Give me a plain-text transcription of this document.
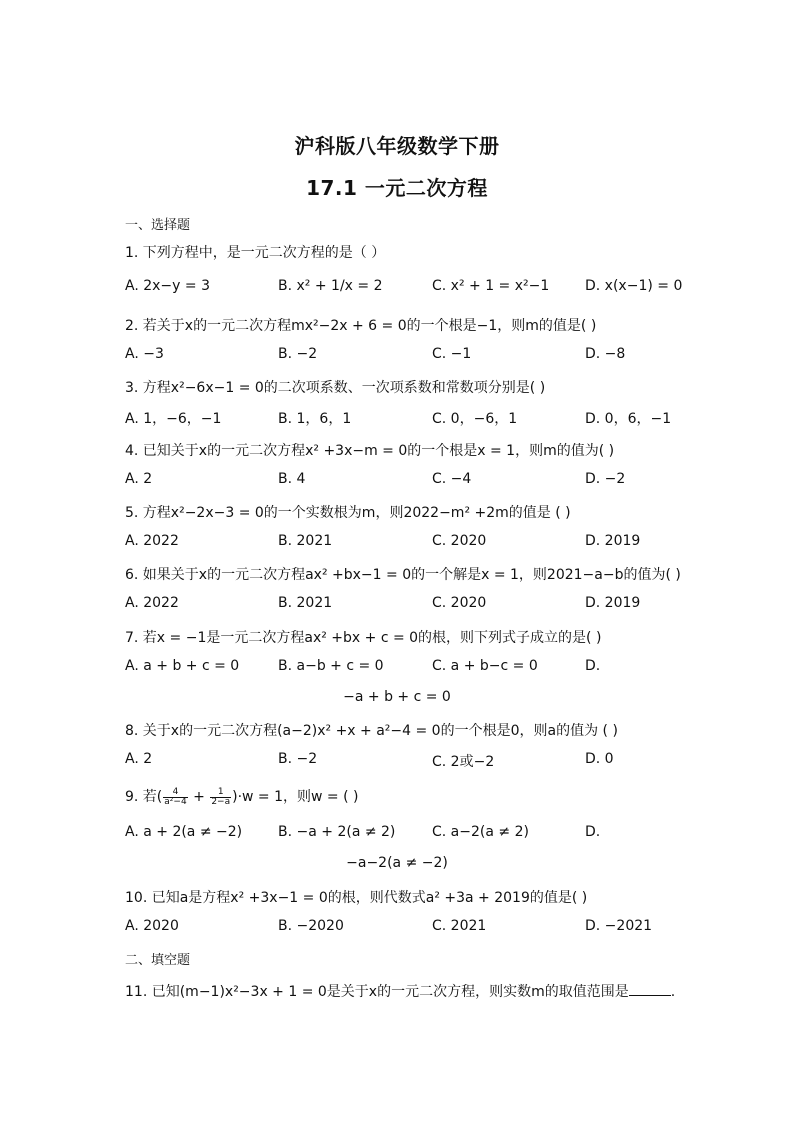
沪科版八年级数学下册
17.1 一元二次方程
一、选择题
1. 下列方程中，是一元二次方程的是（ ）
A. 2x−y = 3	B. x² + 1/x = 2	C. x² + 1 = x²−1	D. x(x−1) = 0
2. 若关于x的一元二次方程mx²−2x + 6 = 0的一个根是−1，则m的值是( )
A. −3	B. −2	C. −1	D. −8
3. 方程x²−6x−1 = 0的二次项系数、一次项系数和常数项分别是( )
A. 1，−6，−1	B. 1，6，1	C. 0，−6，1	D. 0，6，−1
4. 已知关于x的一元二次方程x² +3x−m = 0的一个根是x = 1，则m的值为( )
A. 2	B. 4	C. −4	D. −2
5. 方程x²−2x−3 = 0的一个实数根为m，则2022−m² +2m的值是 ( )
A. 2022	B. 2021	C. 2020	D. 2019
6. 如果关于x的一元二次方程ax² +bx−1 = 0的一个解是x = 1，则2021−a−b的值为( )
A. 2022	B. 2021	C. 2020	D. 2019
7. 若x = −1是一元二次方程ax² +bx + c = 0的根，则下列式子成立的是( )
A. a + b + c = 0	B. a−b + c = 0	C. a + b−c = 0	D.
−a + b + c = 0
8. 关于x的一元二次方程(a−2)x² +x + a²−4 = 0的一个根是0，则a的值为 ( )
A. 2	B. −2	C. 2或−2	D. 0
9. 若( $\frac{4}{\text{a²−4}} + \frac{1}{2-a} )\cdot w = 1$，则w = ( )
A. a + 2(a ≠ −2)	B. −a + 2(a ≠ 2)	C. a−2(a ≠ 2)	D.
−a−2(a ≠ −2)
10. 已知a是方程x² +3x−1 = 0的根，则代数式a² +3a + 2019的值是( )
A. 2020	B. −2020	C. 2021	D. −2021
二、填空题
11. 已知(m−1)x²−3x + 1 = 0是关于x的一元二次方程，则实数m的取值范围是	.
